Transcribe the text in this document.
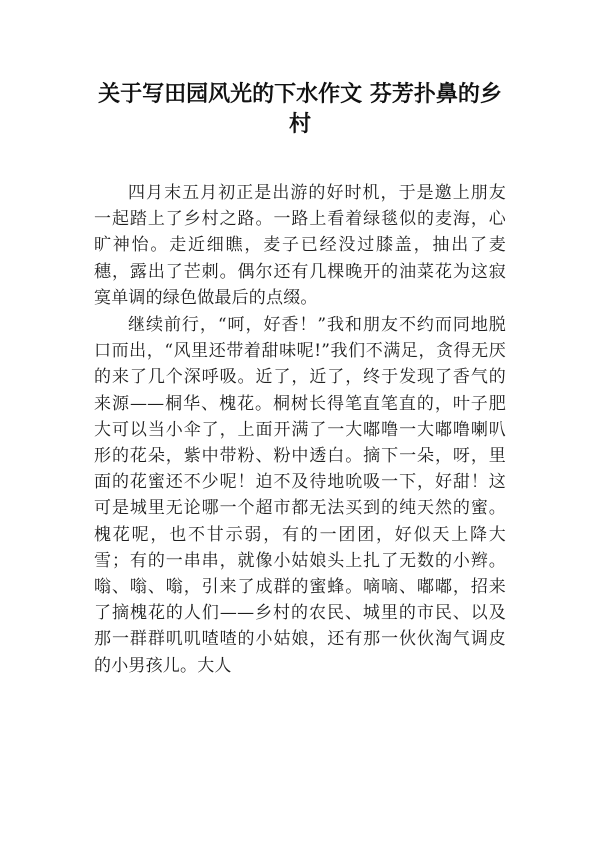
关于写田园风光的下水作文 芬芳扑鼻的乡村

四月末五月初正是出游的好时机，于是邀上朋友一起踏上了乡村之路。一路上看着绿毯似的麦海，心旷神怡。走近细瞧，麦子已经没过膝盖，抽出了麦穗，露出了芒刺。偶尔还有几棵晚开的油菜花为这寂寞单调的绿色做最后的点缀。

继续前行，“呵，好香！”我和朋友不约而同地脱口而出，“风里还带着甜味呢!”我们不满足，贪得无厌的来了几个深呼吸。近了，近了，终于发现了香气的来源——桐华、槐花。桐树长得笔直笔直的，叶子肥大可以当小伞了，上面开满了一大嘟噜一大嘟噜喇叭形的花朵，紫中带粉、粉中透白。摘下一朵，呀，里面的花蜜还不少呢！迫不及待地吮吸一下，好甜！这可是城里无论哪一个超市都无法买到的纯天然的蜜。槐花呢，也不甘示弱，有的一团团，好似天上降大雪；有的一串串，就像小姑娘头上扎了无数的小辫。嗡、嗡、嗡，引来了成群的蜜蜂。嘀嘀、嘟嘟，招来了摘槐花的人们——乡村的农民、城里的市民、以及那一群群叽叽喳喳的小姑娘，还有那一伙伙淘气调皮的小男孩儿。大人
